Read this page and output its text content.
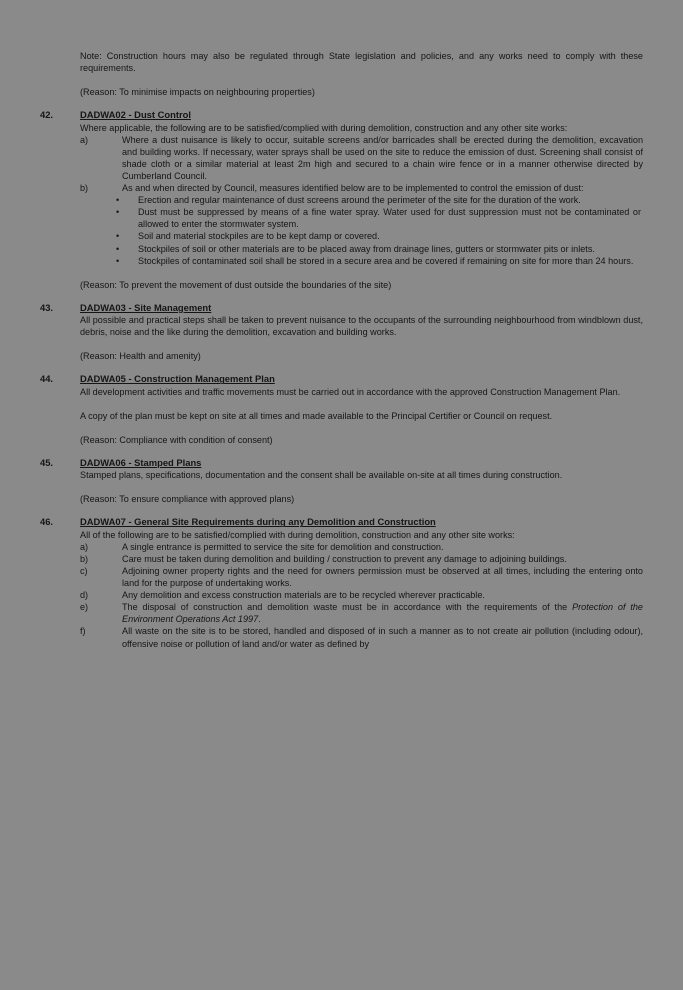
Note: Construction hours may also be regulated through State legislation and policies, and any works need to comply with these requirements.

(Reason: To minimise impacts on neighbouring properties)

42.	DADWA02 - Dust Control

Where applicable, the following are to be satisfied/complied with during demolition, construction and any other site works:

a)	Where a dust nuisance is likely to occur, suitable screens and/or barricades shall be erected during the demolition, excavation and building works. If necessary, water sprays shall be used on the site to reduce the emission of dust. Screening shall consist of shade cloth or a similar material at least 2m high and secured to a chain wire fence or in a manner otherwise directed by Cumberland Council.
b)	As and when directed by Council, measures identified below are to be implemented to control the emission of dust:
•	Erection and regular maintenance of dust screens around the perimeter of the site for the duration of the work.
•	Dust must be suppressed by means of a fine water spray. Water used for dust suppression must not be contaminated or allowed to enter the stormwater system.
•	Soil and material stockpiles are to be kept damp or covered.
•	Stockpiles of soil or other materials are to be placed away from drainage lines, gutters or stormwater pits or inlets.
•	Stockpiles of contaminated soil shall be stored in a secure area and be covered if remaining on site for more than 24 hours.

(Reason: To prevent the movement of dust outside the boundaries of the site)

43.	DADWA03 - Site Management

All possible and practical steps shall be taken to prevent nuisance to the occupants of the surrounding neighbourhood from windblown dust, debris, noise and the like during the demolition, excavation and building works.

(Reason: Health and amenity)

44.	DADWA05 - Construction Management Plan

All development activities and traffic movements must be carried out in accordance with the approved Construction Management Plan.

A copy of the plan must be kept on site at all times and made available to the Principal Certifier or Council on request.

(Reason: Compliance with condition of consent)

45.	DADWA06 - Stamped Plans

Stamped plans, specifications, documentation and the consent shall be available on-site at all times during construction.

(Reason: To ensure compliance with approved plans)

46.	DADWA07 - General Site Requirements during any Demolition and Construction

All of the following are to be satisfied/complied with during demolition, construction and any other site works:

a)	A single entrance is permitted to service the site for demolition and construction.
b)	Care must be taken during demolition and building / construction to prevent any damage to adjoining buildings.
c)	Adjoining owner property rights and the need for owners permission must be observed at all times, including the entering onto land for the purpose of undertaking works.
d)	Any demolition and excess construction materials are to be recycled wherever practicable.
e)	The disposal of construction and demolition waste must be in accordance with the requirements of the Protection of the Environment Operations Act 1997.
f)	All waste on the site is to be stored, handled and disposed of in such a manner as to not create air pollution (including odour), offensive noise or pollution of land and/or water as defined by
